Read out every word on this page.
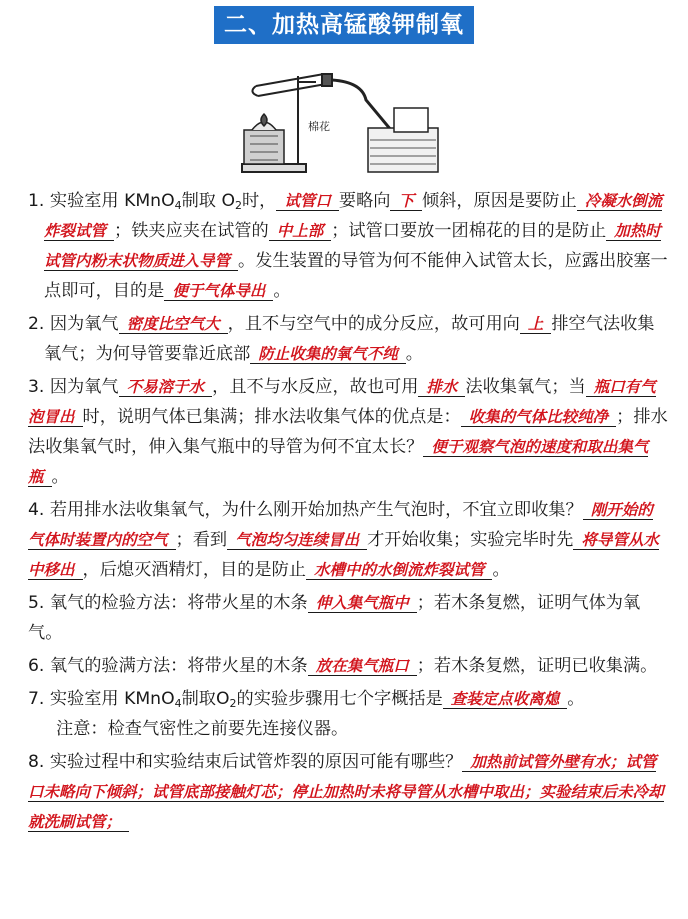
二、加热高锰酸钾制氧气
棉花

1. 实验室用 KMnO$_4$制取 $O_2$时， 试管口 要略向 下 倾斜，原因是要防止 冷凝水倒流炸裂试管 ；铁夹应夹在试管的 中上部 ；试管口要放一团棉花的目的是防止 加热时试管内粉末状物质进入导管 。发生装置的导管为何不能伸入试管太长，应露出胶塞一点即可，目的是 便于气体导出 。

2. 因为氧气 密度比空气大 ，且不与空气中的成分反应，故可用向 上 排空气法收集氧气；为何导管要靠近底部 防止收集的氧气不纯 。

3. 因为氧气 不易溶于水 ，且不与水反应，故也可用 排水 法收集氧气；当 瓶口有气泡冒出 时，说明气体已集满；排水法收集气体的优点是： 收集的气体比较纯净 ；排水法收集氧气时，伸入集气瓶中的导管为何不宜太长？ 便于观察气泡的速度和取出集气瓶 。

4. 若用排水法收集氧气，为什么刚开始加热产生气泡时，不宜立即收集？ 刚开始的气体时装置内的空气 ；看到 气泡均匀连续冒出 才开始收集；实验完毕时先 将导管从水中移出 ，后熄灭酒精灯，目的是防止 水槽中的水倒流炸裂试管 。

5. 氧气的检验方法：将带火星的木条 伸入集气瓶中 ；若木条复燃，证明气体为氧气。

6. 氧气的验满方法：将带火星的木条 放在集气瓶口 ；若木条复燃，证明已收集满。

7. 实验室用 KMnO$_4$制取$O_2$的实验步骤用七个字概括是 查装定点收离熄 。

注意：检查气密性之前要先连接仪器。

8. 实验过程中和实验结束后试管炸裂的原因可能有哪些？ 加热前试管外壁有水；试管口未略向下倾斜；试管底部接触灯芯；停止加热时未将导管从水槽中取出；实验结束后未冷却就洗刷试管；
